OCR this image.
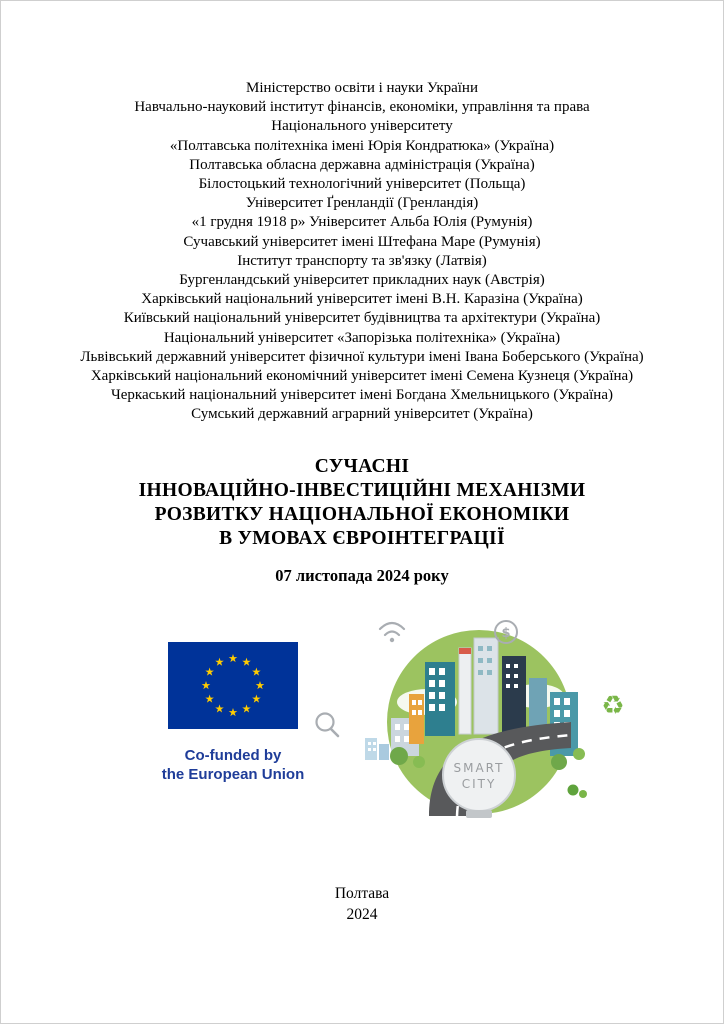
Міністерство освіти і науки України
Навчально-науковий інститут фінансів, економіки, управління та права
Національного університету
«Полтавська політехніка імені Юрія Кондратюка» (Україна)
Полтавська обласна державна адміністрація (Україна)
Білостоцький технологічний університет (Польща)
Університет Ґренландії (Гренландія)
«1 грудня 1918 р» Університет Альба Юлія (Румунія)
Сучавський університет імені Штефана Маре (Румунія)
Інститут транспорту та зв'язку (Латвія)
Бургенландський університет прикладних наук (Австрія)
Харківський національний університет імені В.Н. Каразіна (Україна)
Київський національний університет будівництва та архітектури (Україна)
Національний університет «Запорізька політехніка» (Україна)
Львівський державний університет фізичної культури імені Івана Боберського (Україна)
Харківський національний економічний університет імені Семена Кузнеця (Україна)
Черкаський національний університет імені Богдана Хмельницького (Україна)
Сумський державний аграрний університет (Україна)
СУЧАСНІ
ІННОВАЦІЙНО-ІНВЕСТИЦІЙНІ МЕХАНІЗМИ
РОЗВИТКУ НАЦІОНАЛЬНОЇ ЕКОНОМІКИ
В УМОВАХ ЄВРОІНТЕГРАЦІЇ
07 листопада 2024 року
Co-funded by
the European Union	SMART
CITY
$
♻
Полтава
2024
